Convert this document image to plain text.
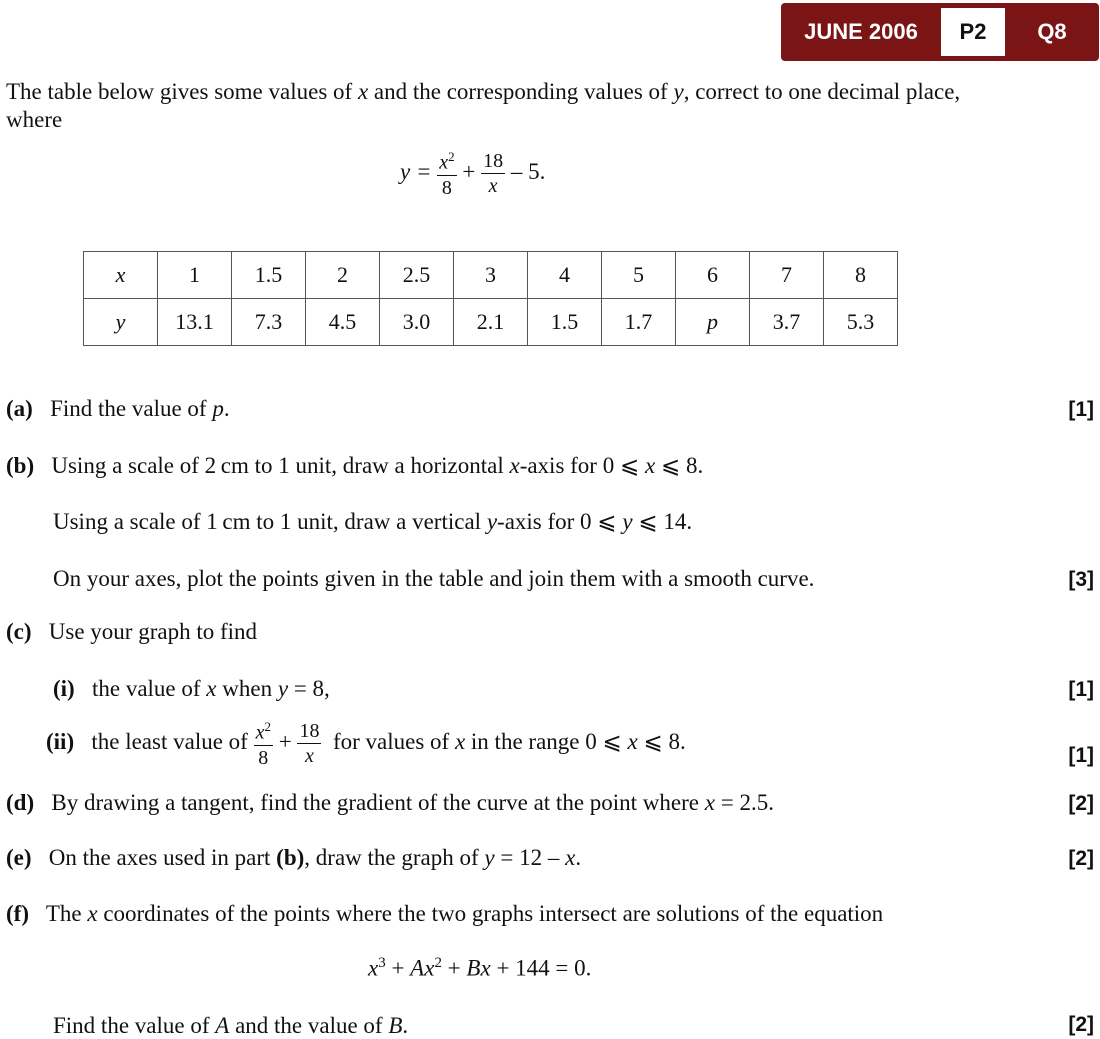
JUNE 2006	P2	Q8
The table below gives some values of x and the corresponding values of y, correct to one decimal place,
where
$y = \frac{x^2}{8} + \frac{18}{x} - 5$.
x	1	1.5	2	2.5	3	4	5	6	7	8
y	13.1	7.3	4.5	3.0	2.1	1.5	1.7	p	3.7	5.3
(a) Find the value of p.	[1]
(b) Using a scale of 2 cm to 1 unit, draw a horizontal x-axis for 0 ⩽ x ⩽ 8.
Using a scale of 1 cm to 1 unit, draw a vertical y-axis for 0 ⩽ y ⩽ 14.
On your axes, plot the points given in the table and join them with a smooth curve.	[3]
(c) Use your graph to find
(i) the value of x when y = 8,	[1]
(ii) the least value of $\frac{x^2}{8} + \frac{18}{x}$ for values of x in the range 0 ⩽ x ⩽ 8.
[1]
(d) By drawing a tangent, find the gradient of the curve at the point where x = 2.5.	[2]
(e) On the axes used in part (b), draw the graph of y = 12 – x.	[2]
(f) The x coordinates of the points where the two graphs intersect are solutions of the equation
$x^3 + Ax^2 + Bx + 144 = 0$.
Find the value of A and the value of B.	[2]
